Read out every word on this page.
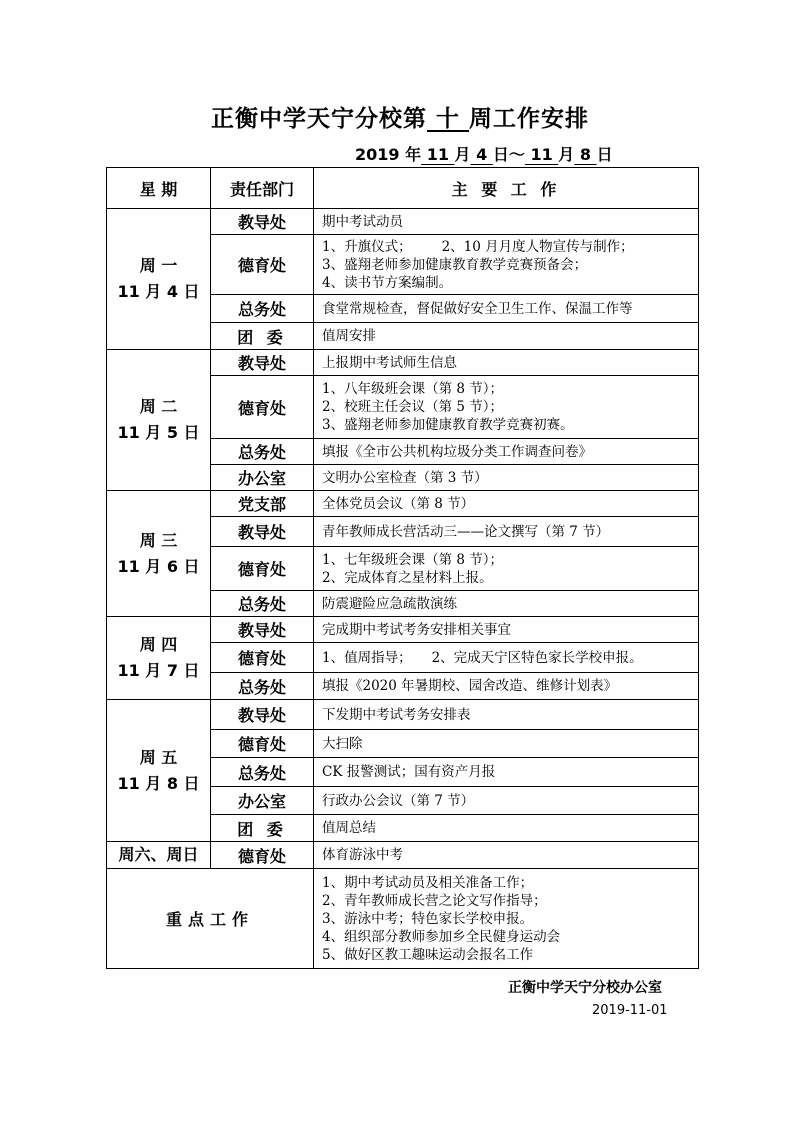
正衡中学天宁分校第 十 周工作安排
2019 年 11 月 4 日～ 11 月 8 日
星 期	责任部门	主 要 工 作

周 一
11 月 4 日	教导处	期中考试动员
	德育处	1、升旗仪式； 2、10 月月度人物宣传与制作；
3、盛翔老师参加健康教育教学竞赛预备会；
4、读书节方案编制。

	总务处	食堂常规检查，督促做好安全卫生工作、保温工作等
	团 委	值周安排

周 二
11 月 5 日	教导处	上报期中考试师生信息
	德育处	1、八年级班会课（第 8 节）；
2、校班主任会议（第 5 节）；
3、盛翔老师参加健康教育教学竞赛初赛。

	总务处	填报《全市公共机构垃圾分类工作调查问卷》
	办公室	文明办公室检查（第 3 节）

周 三
11 月 6 日	党支部	全体党员会议（第 8 节）
	教导处	青年教师成长营活动三——论文撰写（第 7 节）
	德育处	1、七年级班会课（第 8 节）；
2、完成体育之星材料上报。

	总务处	防震避险应急疏散演练

周 四
11 月 7 日	教导处	完成期中考试考务安排相关事宜
	德育处	1、值周指导； 2、完成天宁区特色家长学校申报。
	总务处	填报《2020 年暑期校、园舍改造、维修计划表》

周 五
11 月 8 日	教导处	下发期中考试考务安排表
	德育处	大扫除
	总务处	CK 报警测试；国有资产月报
	办公室	行政办公会议（第 7 节）
	团 委	值周总结
周六、周日	德育处	体育游泳中考
重点工作		1、期中考试动员及相关准备工作；
2、青年教师成长营之论文写作指导；
3、游泳中考；特色家长学校申报。
4、组织部分教师参加乡全民健身运动会
5、做好区教工趣味运动会报名工作
正衡中学天宁分校办公室
2019-11-01
